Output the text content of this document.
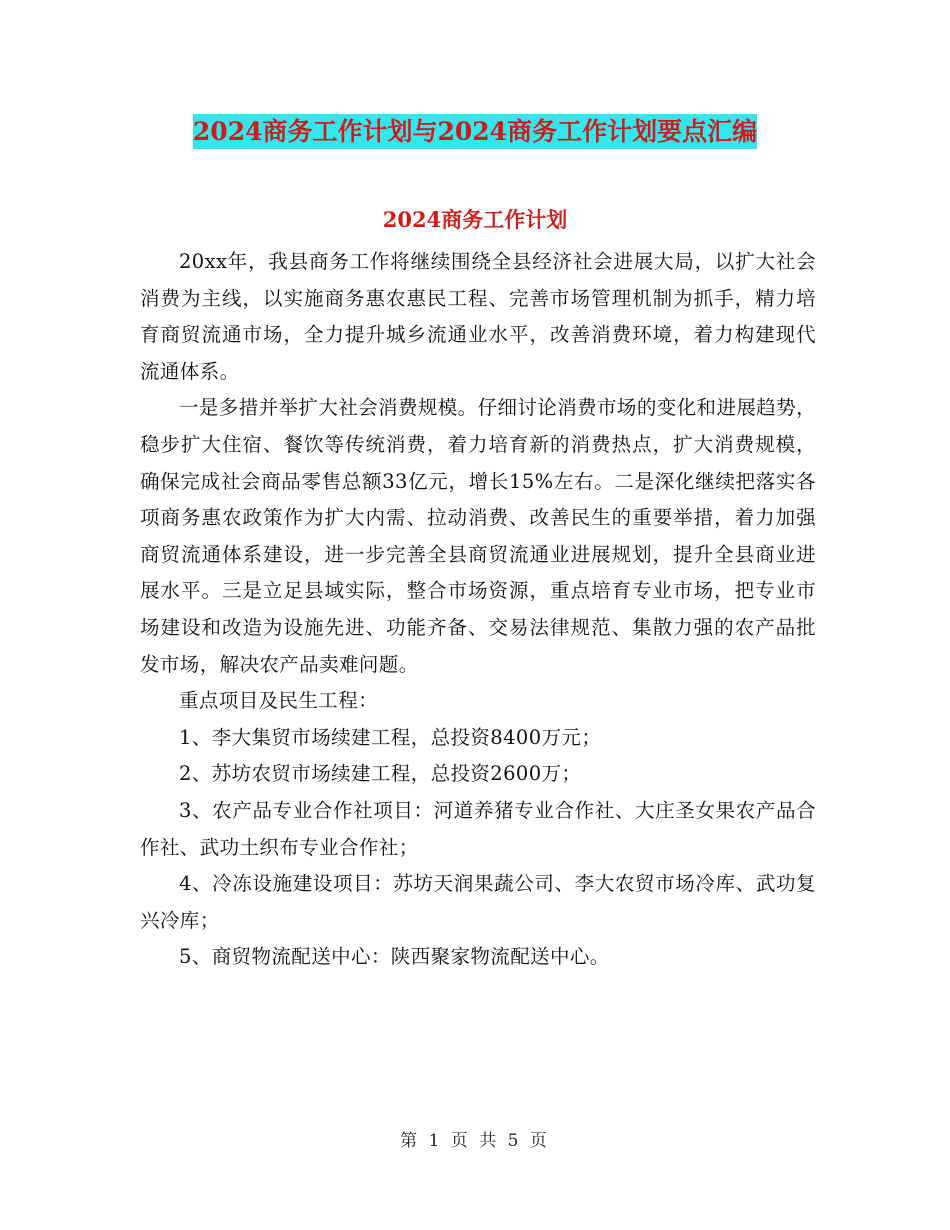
2024商务工作计划与2024商务工作计划要点汇编
2024商务工作计划

20xx年，我县商务工作将继续围绕全县经济社会进展大局，以扩大社会消费为主线，以实施商务惠农惠民工程、完善市场管理机制为抓手，精力培育商贸流通市场，全力提升城乡流通业水平，改善消费环境，着力构建现代流通体系。

一是多措并举扩大社会消费规模。仔细讨论消费市场的变化和进展趋势，稳步扩大住宿、餐饮等传统消费，着力培育新的消费热点，扩大消费规模，确保完成社会商品零售总额33亿元，增长15%左右。二是深化继续把落实各项商务惠农政策作为扩大内需、拉动消费、改善民生的重要举措，着力加强商贸流通体系建设，进一步完善全县商贸流通业进展规划，提升全县商业进展水平。三是立足县域实际，整合市场资源，重点培育专业市场，把专业市场建设和改造为设施先进、功能齐备、交易法律规范、集散力强的农产品批发市场，解决农产品卖难问题。

重点项目及民生工程：

1、李大集贸市场续建工程，总投资8400万元；

2、苏坊农贸市场续建工程，总投资2600万；

3、农产品专业合作社项目：河道养猪专业合作社、大庄圣女果农产品合作社、武功土织布专业合作社；

4、冷冻设施建设项目：苏坊天润果蔬公司、李大农贸市场冷库、武功复兴冷库；

5、商贸物流配送中心：陕西聚家物流配送中心。

第 1 页 共 5 页
